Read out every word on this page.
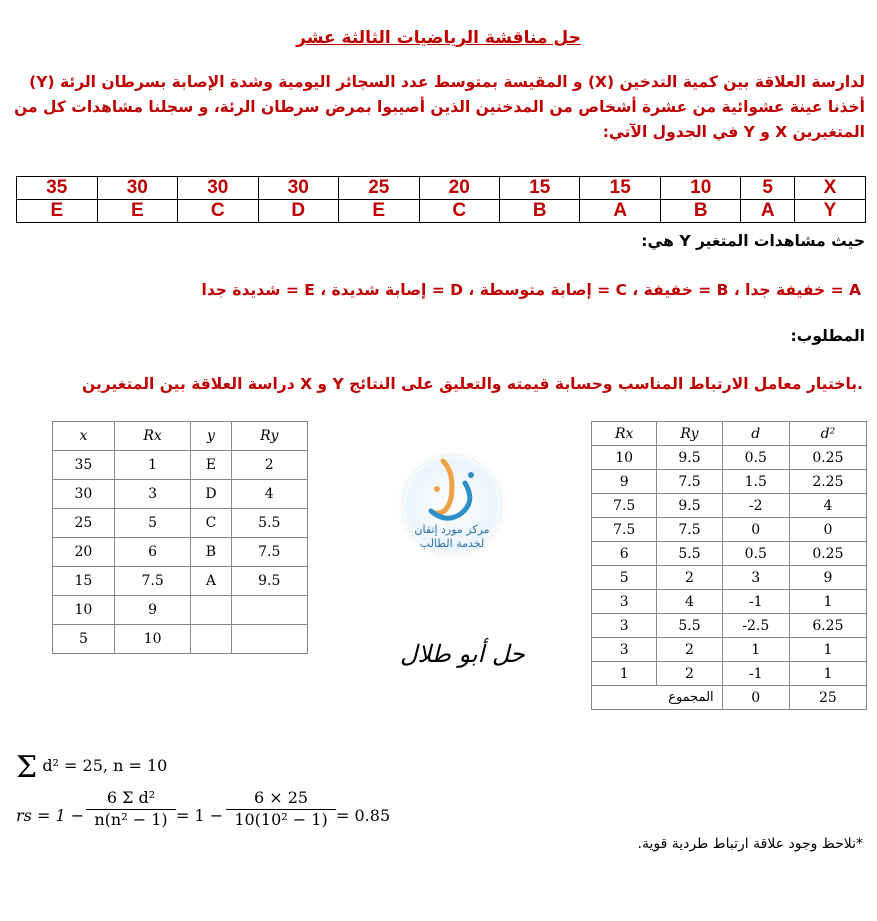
حل مناقشة الرياضيات الثالثة عشر
لدارسة العلاقة بين كمية التدخين (X) و المقيسة بمتوسط عدد السجائر اليومية وشدة الإصابة بسرطان الرئة (Y)
أخذنا عينة عشوائية من عشرة أشخاص من المدخنين الذين أصيبوا بمرض سرطان الرئة، و سجلنا مشاهدات كل من
المتغيرين X و Y في الجدول الآتي:
X	5	10	15	15	20	25	30	30	30	35
Y	A	B	A	B	C	E	D	C	E	E
حيث مشاهدات المتغير Y هي:
A = خفيفة جدا ، B = خفيفة ، C = إصابة متوسطة ، D = إصابة شديدة ، E = شديدة جدا
المطلوب:
.باختيار معامل الارتباط المناسب وحسابة قيمته والتعليق على النتائج Y و X دراسة العلاقة بين المتغيرين
x	Rx	y	Ry
35	1	E	2
30	3	D	4
25	5	C	5.5
20	6	B	7.5
15	7.5	A	9.5
10	9		
5	10		
Rx	Ry	d	d²
10	9.5	0.5	0.25
9	7.5	1.5	2.25
7.5	9.5	-2	4
7.5	7.5	0	0
6	5.5	0.5	0.25
5	2	3	9
3	4	-1	1
3	5.5	-2.5	6.25
3	2	1	1
1	2	-1	1
المجموع		0	25
مركز مورد إتقان
لخدمة الطالب
حل أبو طلال
Σ d² = 25, n = 10
rs = $1 - \frac{\text{6 Σ d²}}{\text{n(n² − 1)}} = 1 - \frac{6 \times 25}{\text{10(10² − 1)}} = 0.85$
*نلاحظ وجود علاقة ارتباط طردية قوية.
